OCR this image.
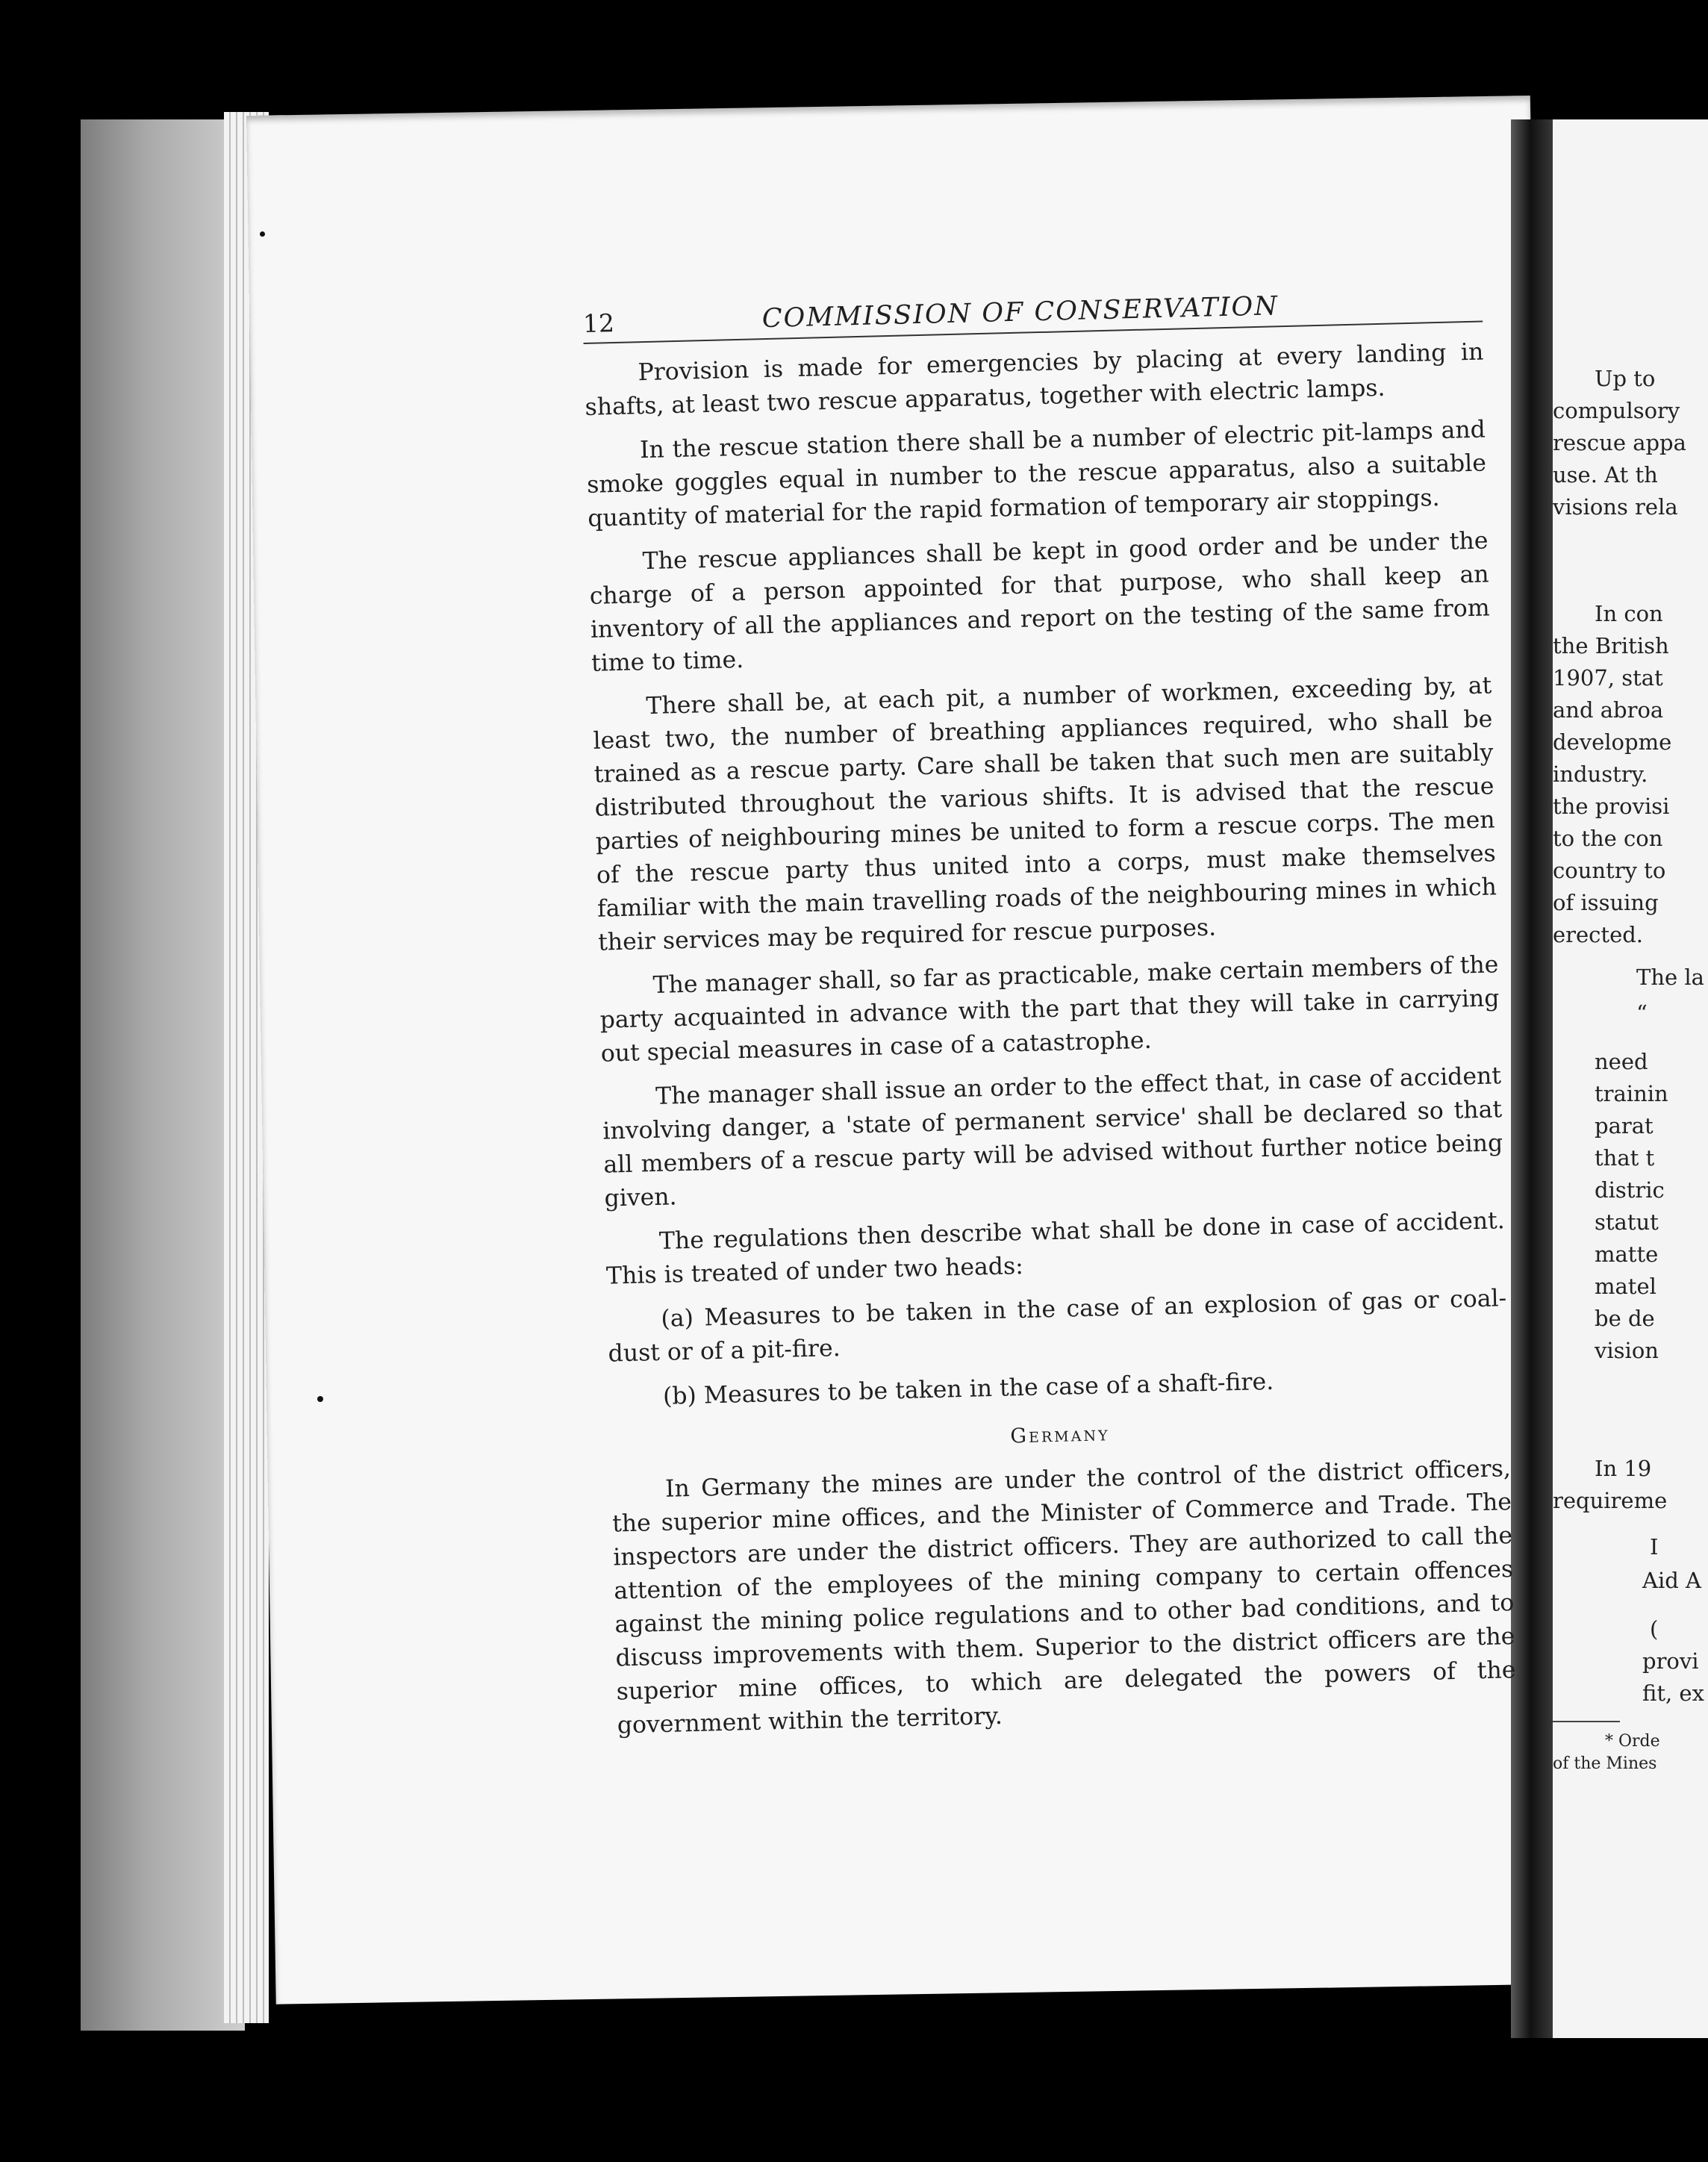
Up to
compulsory
rescue appa
use. At th
visions rela
In con
the British
1907, stat
and abroa
developme
industry.
the provisi
to the con
country to
of issuing
erected.
The la
“
need
trainin
parat
that t
distric
statut
matte
matel
be de
vision
In 19
requireme
I
Aid A
(
provi
fit, ex
* Orde
of the Mines
12	COMMISSION OF CONSERVATION

Provision is made for emergencies by placing at every landing in shafts, at least two rescue apparatus, together with electric lamps.

In the rescue station there shall be a number of electric pit-lamps and smoke goggles equal in number to the rescue apparatus, also a suitable quantity of material for the rapid formation of temporary air stoppings.

The rescue appliances shall be kept in good order and be under the charge of a person appointed for that purpose, who shall keep an inventory of all the appliances and report on the testing of the same from time to time.

There shall be, at each pit, a number of workmen, exceeding by, at least two, the number of breathing appliances required, who shall be trained as a rescue party. Care shall be taken that such men are suitably distributed throughout the various shifts. It is advised that the rescue parties of neighbouring mines be united to form a rescue corps. The men of the rescue party thus united into a corps, must make themselves familiar with the main travelling roads of the neighbouring mines in which their services may be required for rescue purposes.

The manager shall, so far as practicable, make certain members of the party acquainted in advance with the part that they will take in carrying out special measures in case of a catastrophe.

The manager shall issue an order to the effect that, in case of accident involving danger, a 'state of permanent service' shall be declared so that all members of a rescue party will be advised without further notice being given.

The regulations then describe what shall be done in case of accident. This is treated of under two heads:

(a) Measures to be taken in the case of an explosion of gas or coal-dust or of a pit-fire.

(b) Measures to be taken in the case of a shaft-fire.

Germany

In Germany the mines are under the control of the district officers, the superior mine offices, and the Minister of Commerce and Trade. The inspectors are under the district officers. They are authorized to call the attention of the employees of the mining company to certain offences against the mining police regulations and to other bad conditions, and to discuss improvements with them. Superior to the district officers are the superior mine offices, to which are delegated the powers of the government within the territory.
